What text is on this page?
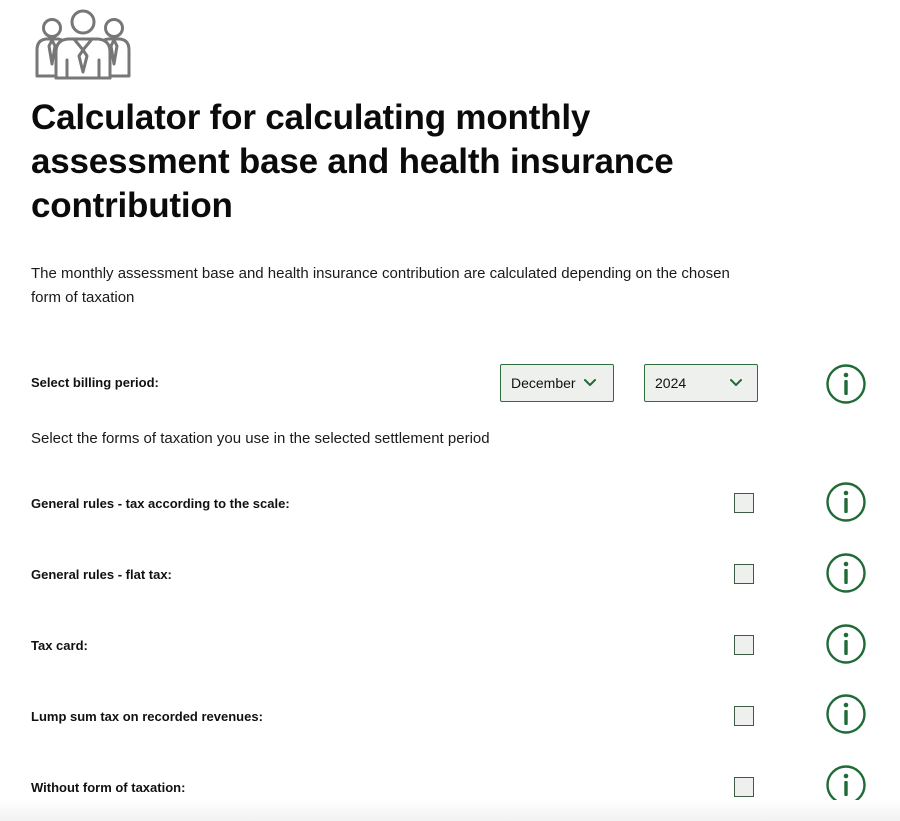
Calculator for calculating monthly assessment base and health insurance contribution

The monthly assessment base and health insurance contribution are calculated depending on the chosen form of taxation

Select billing period:	December	2024
Select the forms of taxation you use in the selected settlement period
General rules - tax according to the scale:
General rules - flat tax:
Tax card:
Lump sum tax on recorded revenues:
Without form of taxation:
